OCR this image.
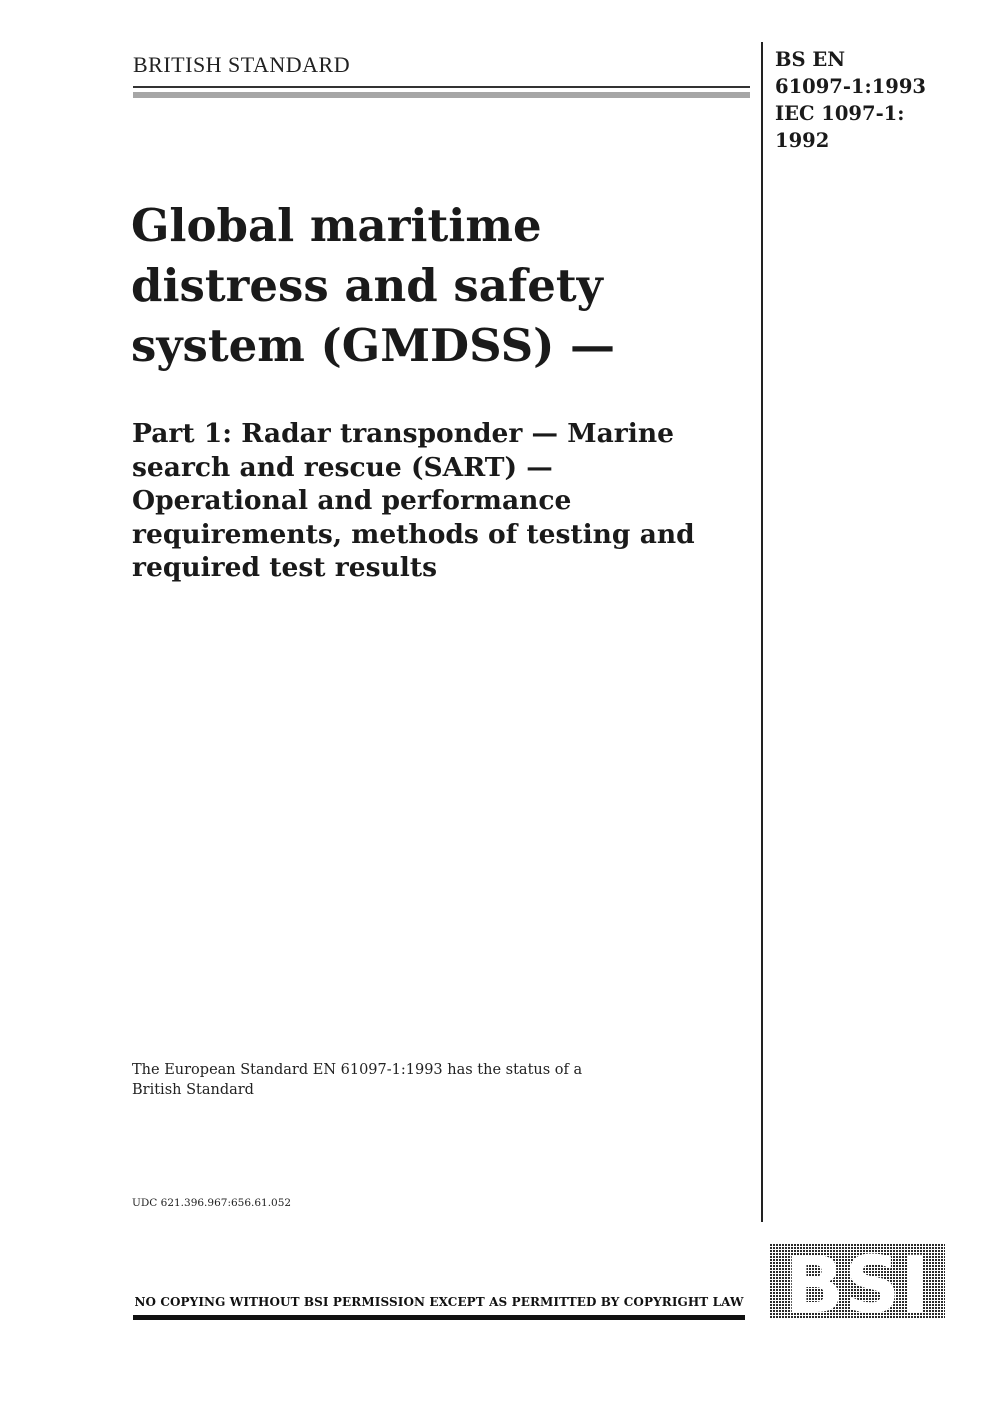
BRITISH STANDARD	BS EN
61097-1:1993
IEC 1097-1:
1992
Global maritime
distress and safety
system (GMDSS) —
Part 1: Radar transponder — Marine
search and rescue (SART) —
Operational and performance
requirements, methods of testing and
required test results
The European Standard EN 61097-1:1993 has the status of a
British Standard
UDC 621.396.967:656.61.052
NO COPYING WITHOUT BSI PERMISSION EXCEPT AS PERMITTED BY COPYRIGHT LAW BSI
